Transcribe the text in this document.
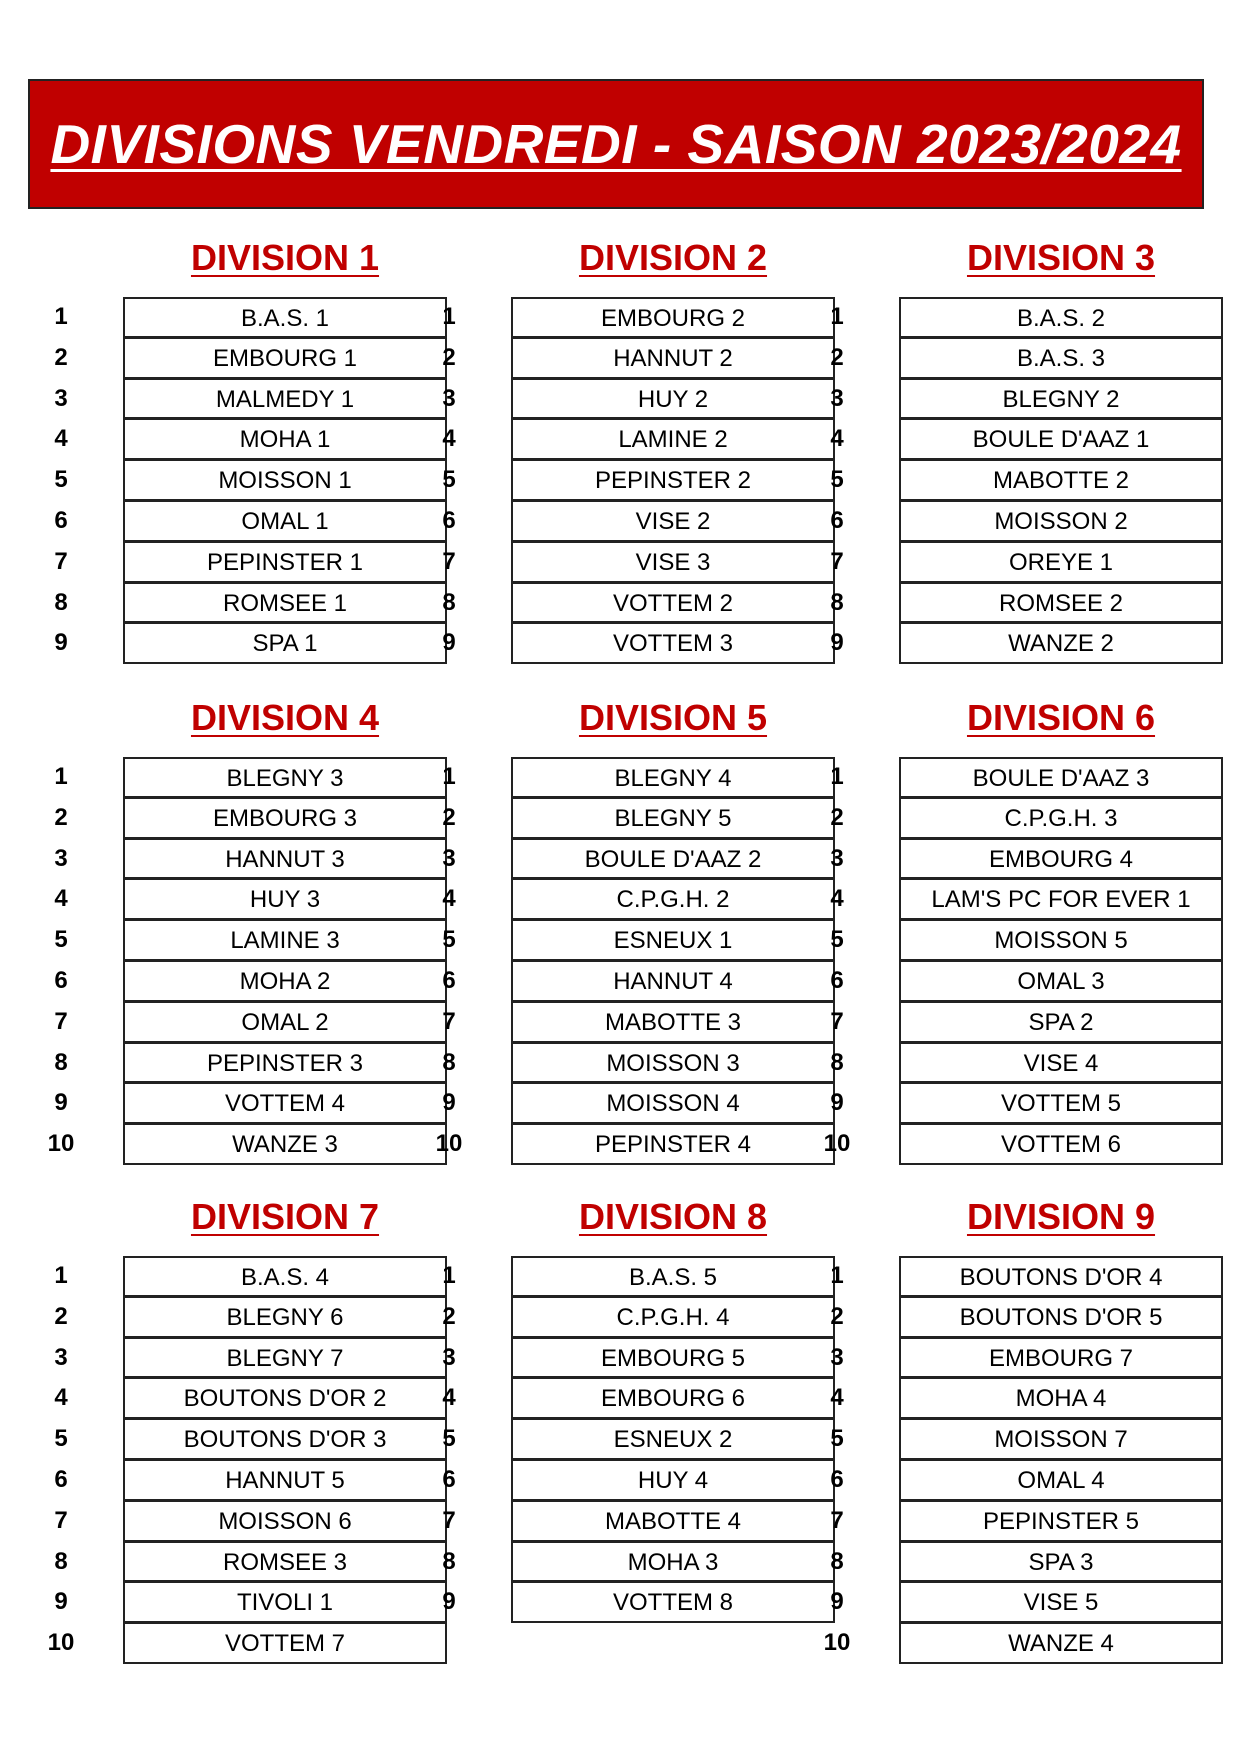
DIVISIONS VENDREDI - SAISON 2023/2024
DIVISION 1
1	B.A.S. 1
2	EMBOURG 1
3	MALMEDY 1
4	MOHA 1
5	MOISSON 1
6	OMAL 1
7	PEPINSTER 1
8	ROMSEE 1
9	SPA 1
DIVISION 2
1	EMBOURG 2
2	HANNUT 2
3	HUY 2
4	LAMINE 2
5	PEPINSTER 2
6	VISE 2
7	VISE 3
8	VOTTEM 2
9	VOTTEM 3
DIVISION 3
1	B.A.S. 2
2	B.A.S. 3
3	BLEGNY 2
4	BOULE D'AAZ 1
5	MABOTTE 2
6	MOISSON 2
7	OREYE 1
8	ROMSEE 2
9	WANZE 2
DIVISION 4
1	BLEGNY 3
2	EMBOURG 3
3	HANNUT 3
4	HUY 3
5	LAMINE 3
6	MOHA 2
7	OMAL 2
8	PEPINSTER 3
9	VOTTEM 4
10	WANZE 3
DIVISION 5
1	BLEGNY 4
2	BLEGNY 5
3	BOULE D'AAZ 2
4	C.P.G.H. 2
5	ESNEUX 1
6	HANNUT 4
7	MABOTTE 3
8	MOISSON 3
9	MOISSON 4
10	PEPINSTER 4
DIVISION 6
1	BOULE D'AAZ 3
2	C.P.G.H. 3
3	EMBOURG 4
4	LAM'S PC FOR EVER 1
5	MOISSON 5
6	OMAL 3
7	SPA 2
8	VISE 4
9	VOTTEM 5
10	VOTTEM 6
DIVISION 7
1	B.A.S. 4
2	BLEGNY 6
3	BLEGNY 7
4	BOUTONS D'OR 2
5	BOUTONS D'OR 3
6	HANNUT 5
7	MOISSON 6
8	ROMSEE 3
9	TIVOLI 1
10	VOTTEM 7
DIVISION 8
1	B.A.S. 5
2	C.P.G.H. 4
3	EMBOURG 5
4	EMBOURG 6
5	ESNEUX 2
6	HUY 4
7	MABOTTE 4
8	MOHA 3
9	VOTTEM 8
DIVISION 9
1	BOUTONS D'OR 4
2	BOUTONS D'OR 5
3	EMBOURG 7
4	MOHA 4
5	MOISSON 7
6	OMAL 4
7	PEPINSTER 5
8	SPA 3
9	VISE 5
10	WANZE 4
